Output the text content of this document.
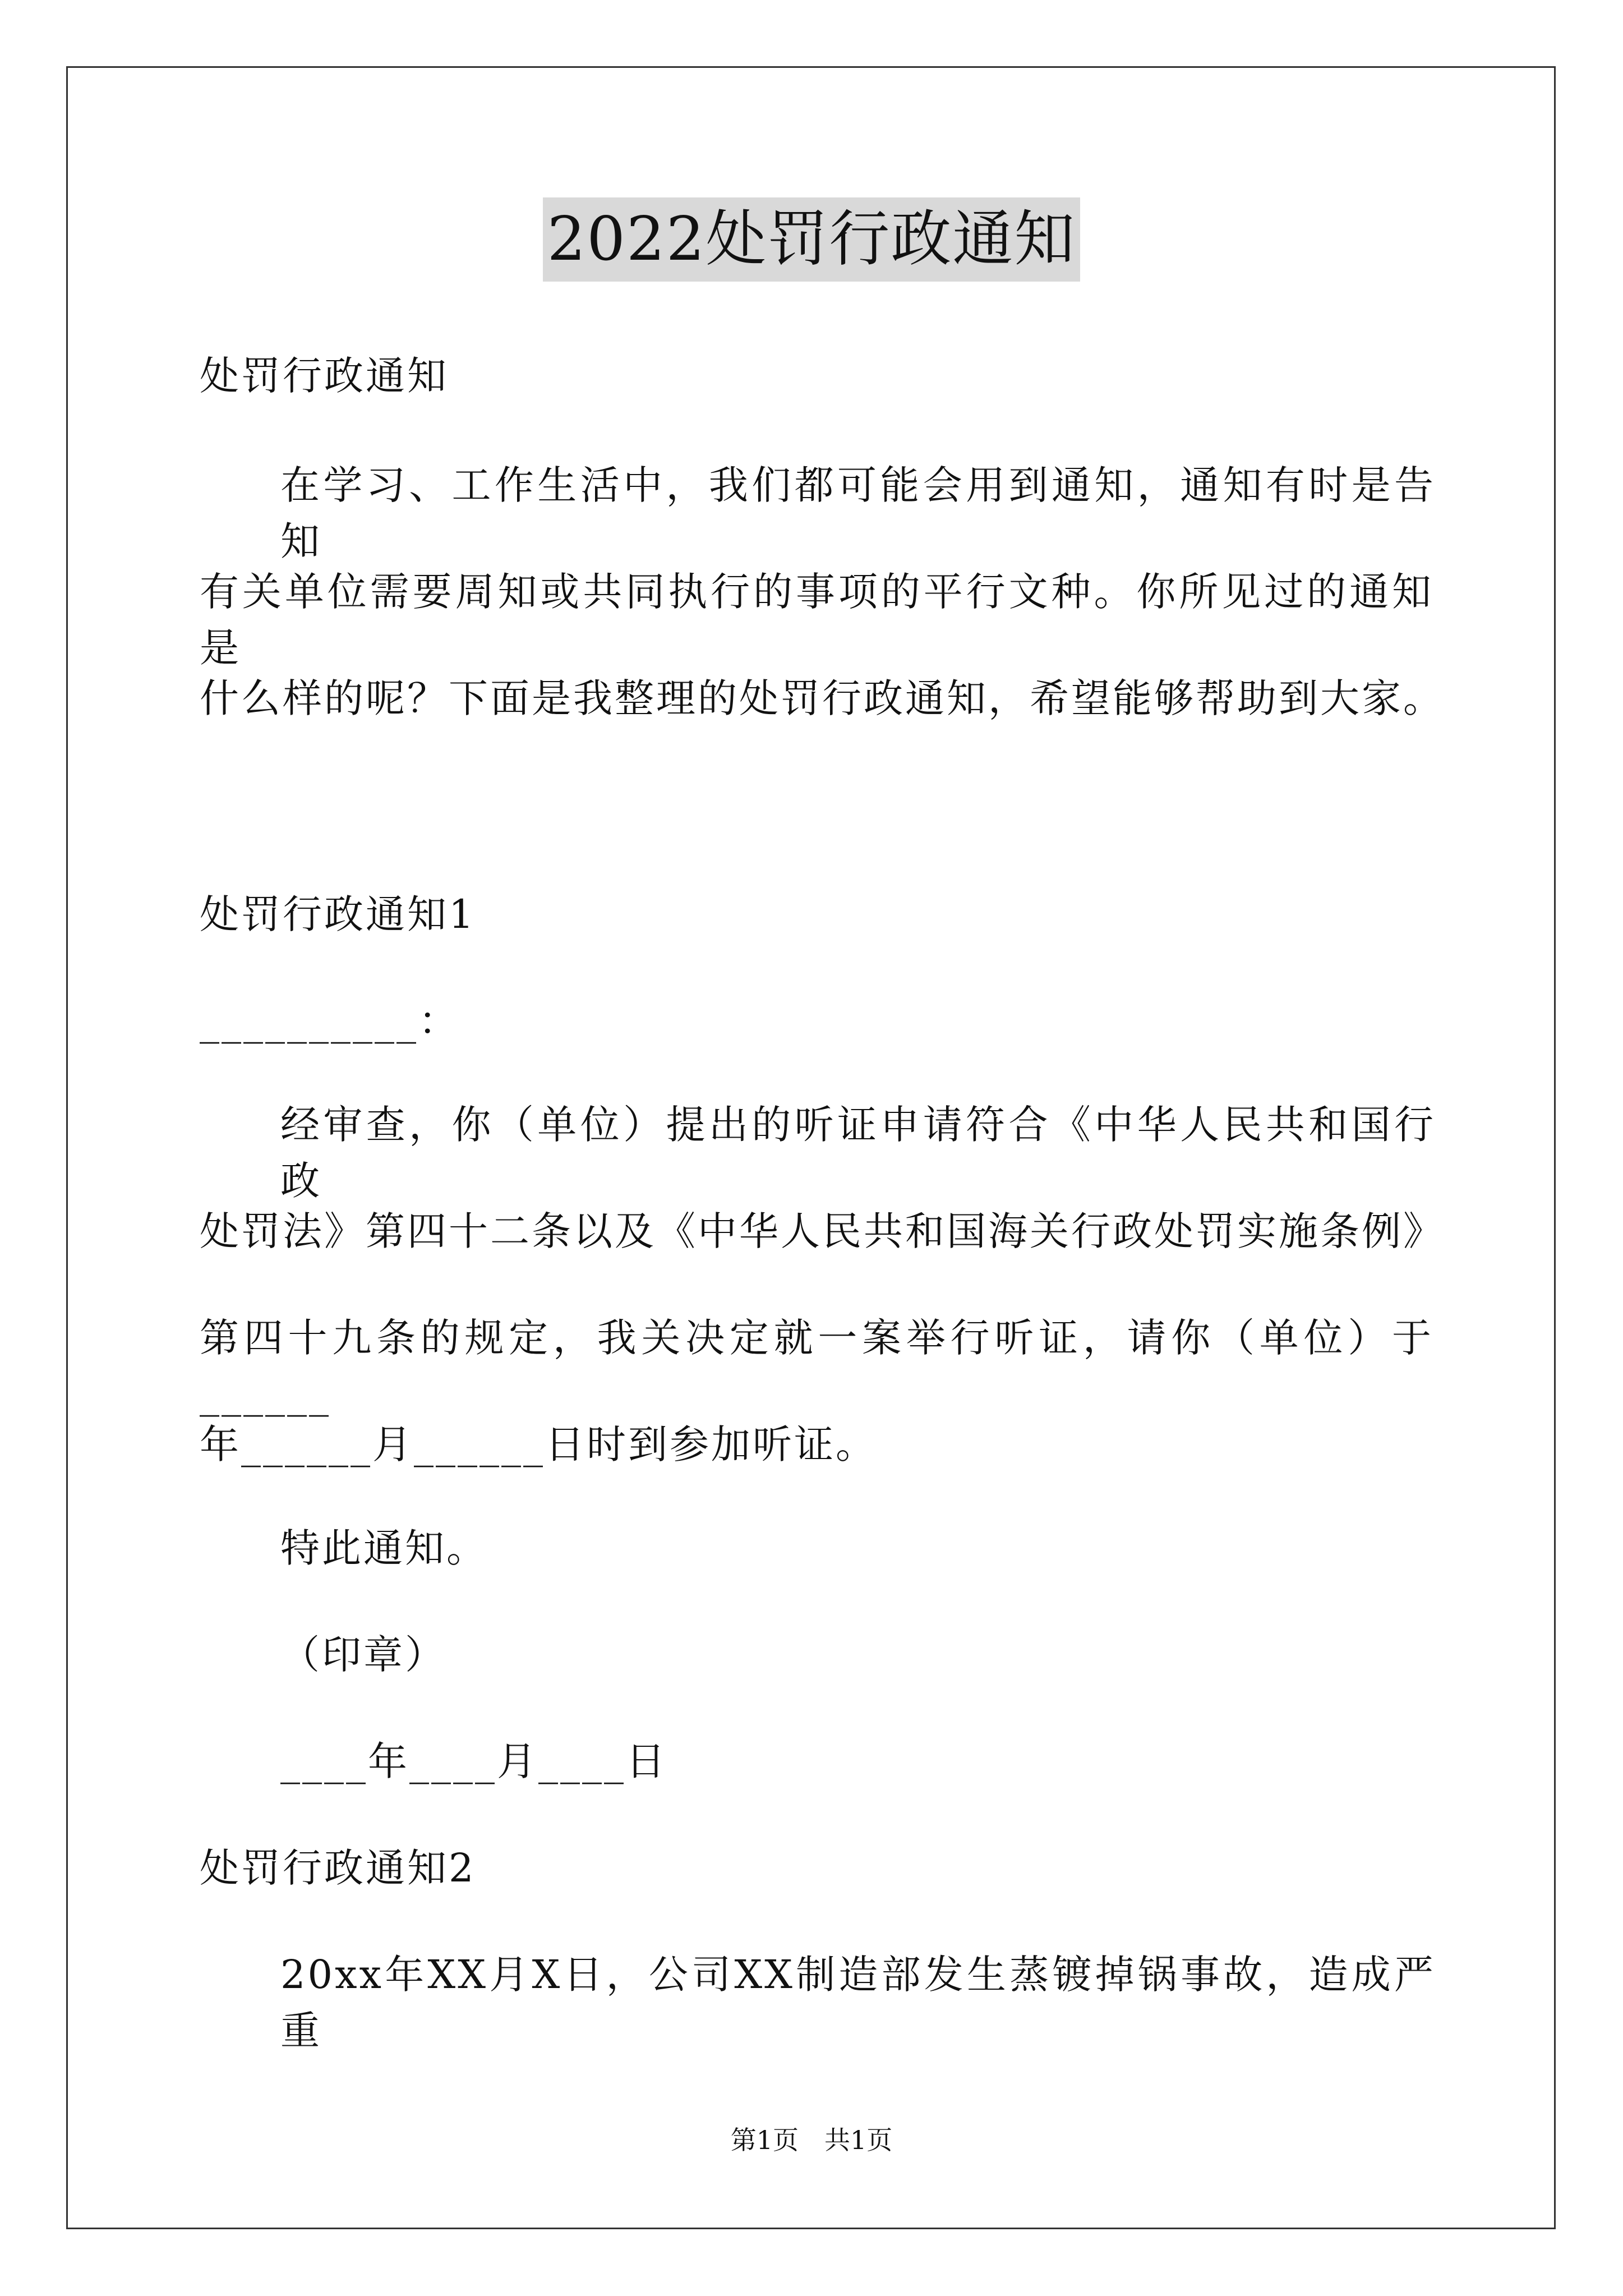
2022处罚行政通知
处罚行政通知
在学习、工作生活中，我们都可能会用到通知，通知有时是告知
有关单位需要周知或共同执行的事项的平行文种。你所见过的通知是
什么样的呢？下面是我整理的处罚行政通知，希望能够帮助到大家。
处罚行政通知1
__________：
经审查，你（单位）提出的听证申请符合《中华人民共和国行政
处罚法》第四十二条以及《中华人民共和国海关行政处罚实施条例》
第四十九条的规定，我关决定就一案举行听证，请你（单位）于______
年______月______日时到参加听证。
特此通知。
（印章）
____年____月____日
处罚行政通知2
20xx年XX月X日，公司XX制造部发生蒸镀掉锅事故，造成严重
第1页　共1页
